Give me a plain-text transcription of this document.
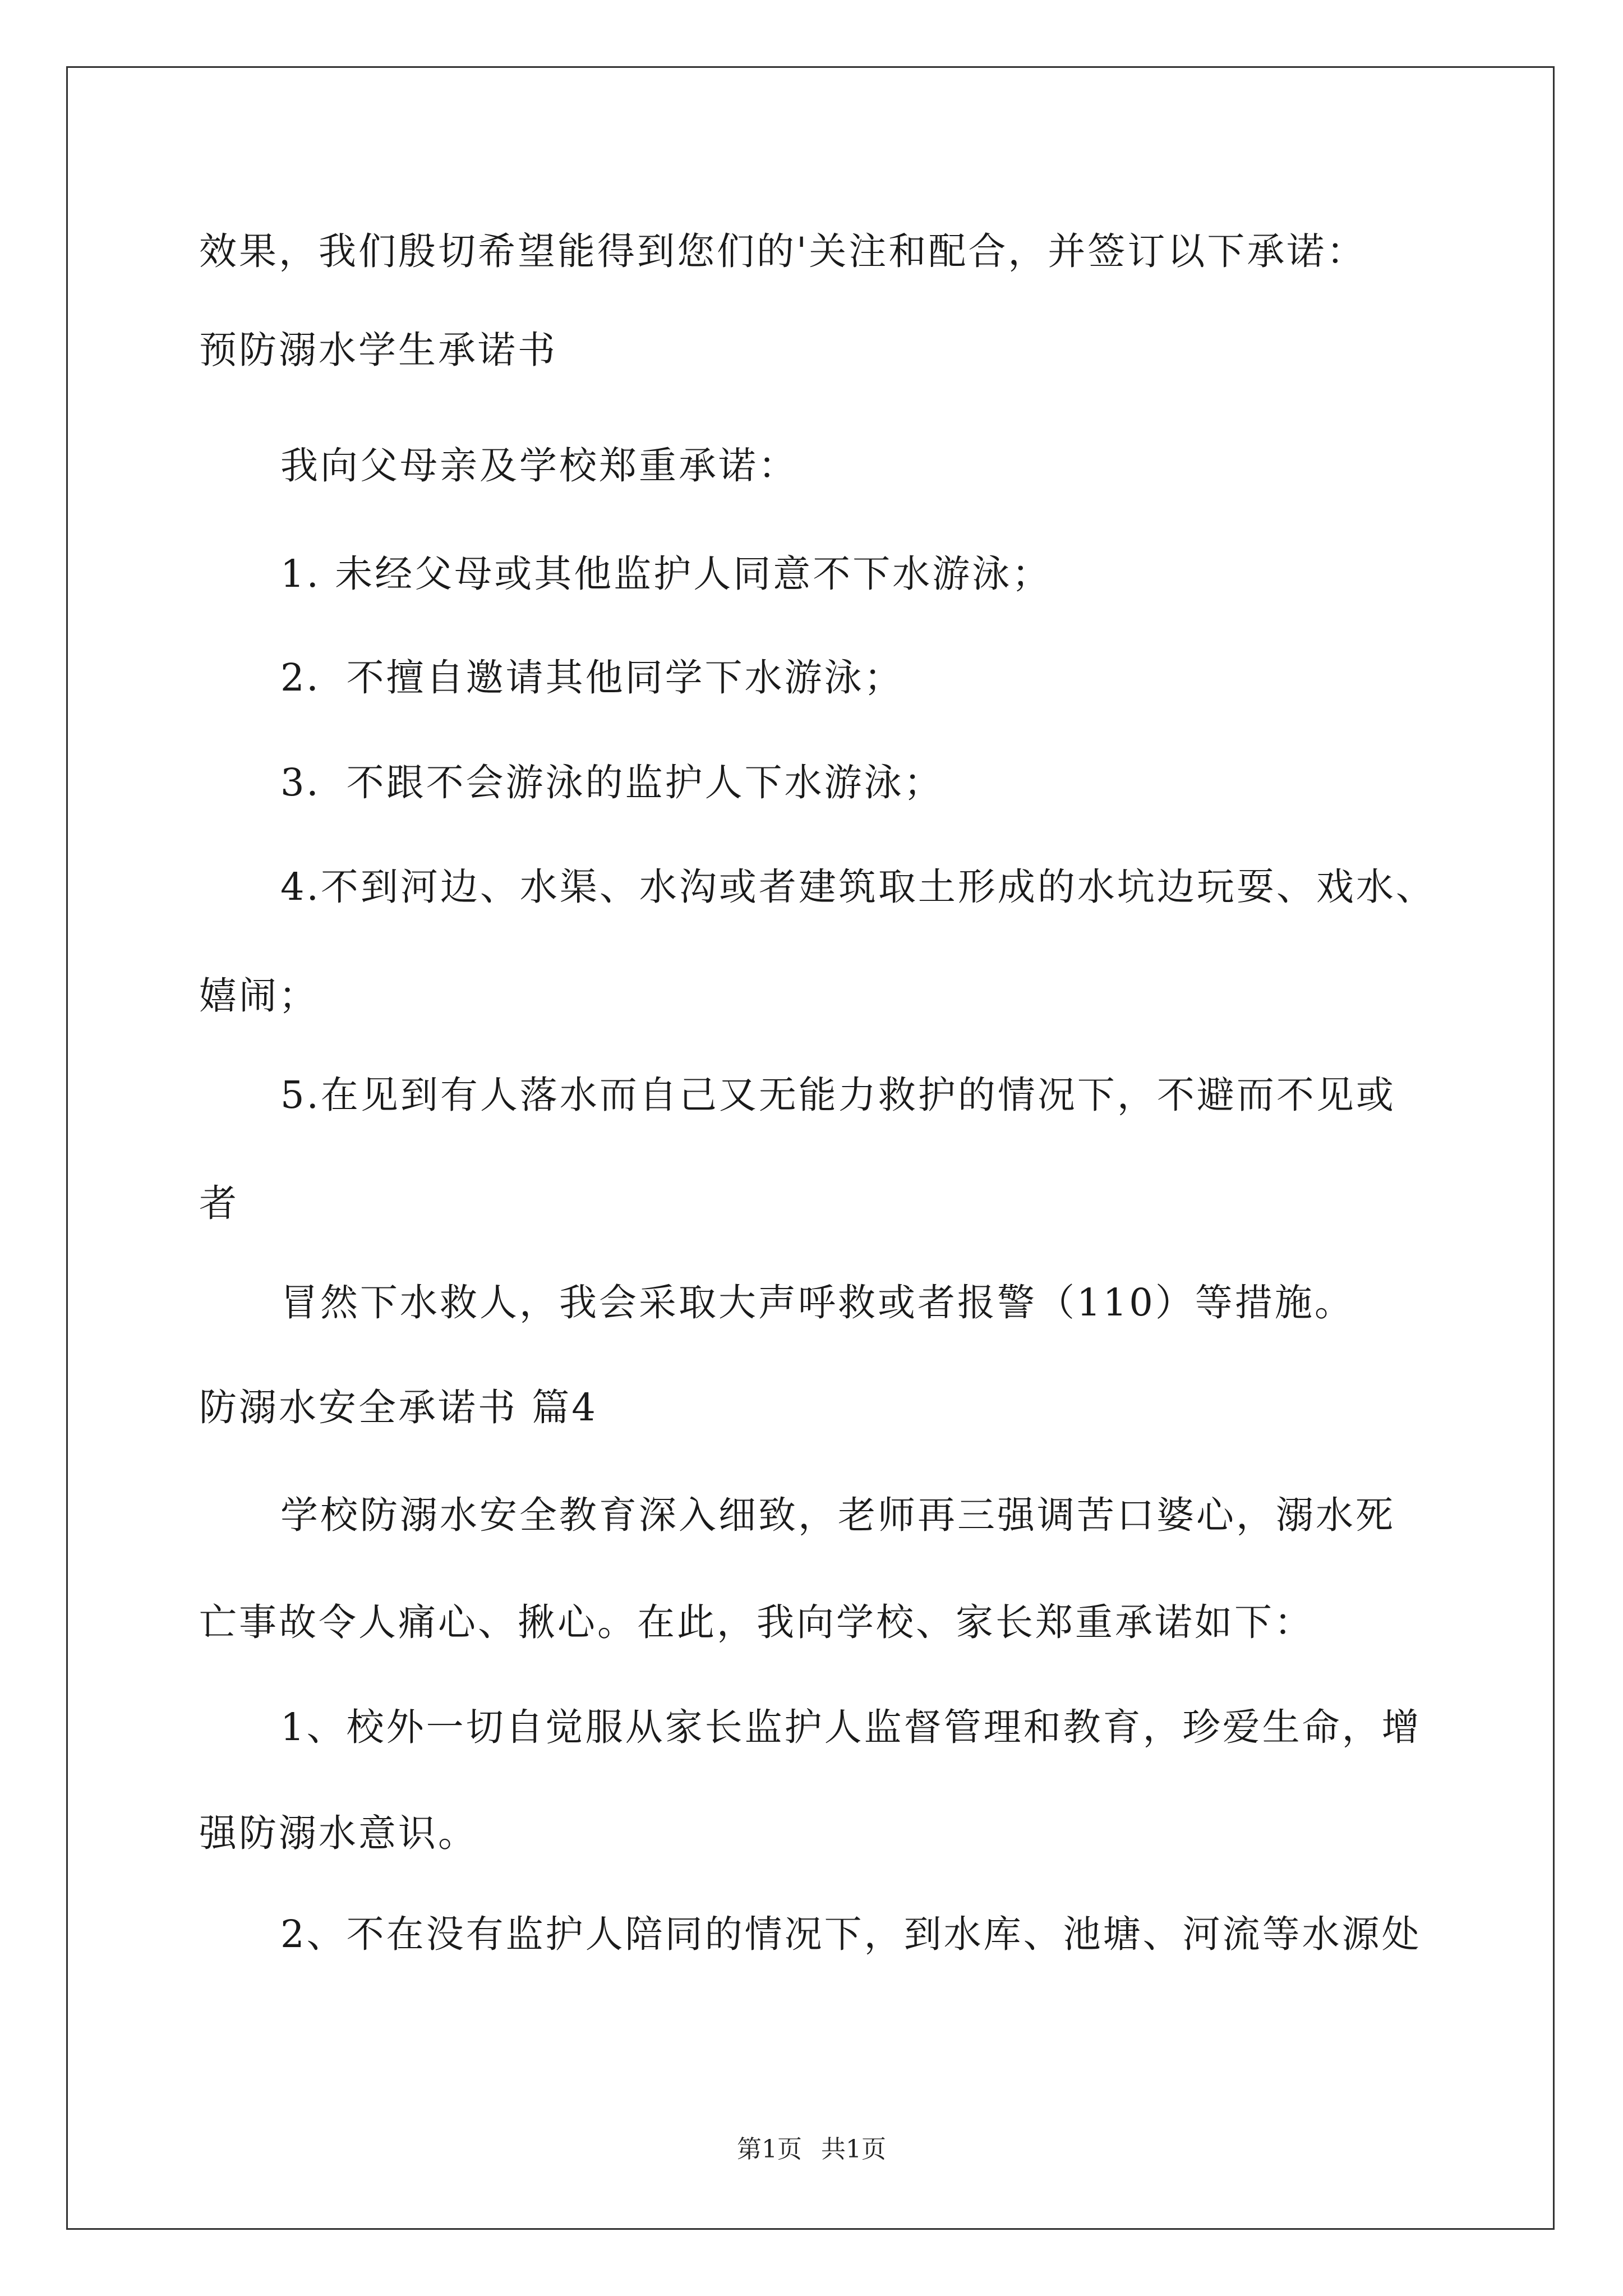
效果，我们殷切希望能得到您们的'关注和配合，并签订以下承诺：
预防溺水学生承诺书
我向父母亲及学校郑重承诺：
1. 未经父母或其他监护人同意不下水游泳；
2．不擅自邀请其他同学下水游泳；
3．不跟不会游泳的监护人下水游泳；
4.不到河边、水渠、水沟或者建筑取土形成的水坑边玩耍、戏水、
嬉闹；
5.在见到有人落水而自己又无能力救护的情况下，不避而不见或
者
冒然下水救人，我会采取大声呼救或者报警（110）等措施。
防溺水安全承诺书 篇4
学校防溺水安全教育深入细致，老师再三强调苦口婆心，溺水死
亡事故令人痛心、揪心。在此，我向学校、家长郑重承诺如下：
1、校外一切自觉服从家长监护人监督管理和教育，珍爱生命，增
强防溺水意识。
2、不在没有监护人陪同的情况下，到水库、池塘、河流等水源处
第1页 共1页
